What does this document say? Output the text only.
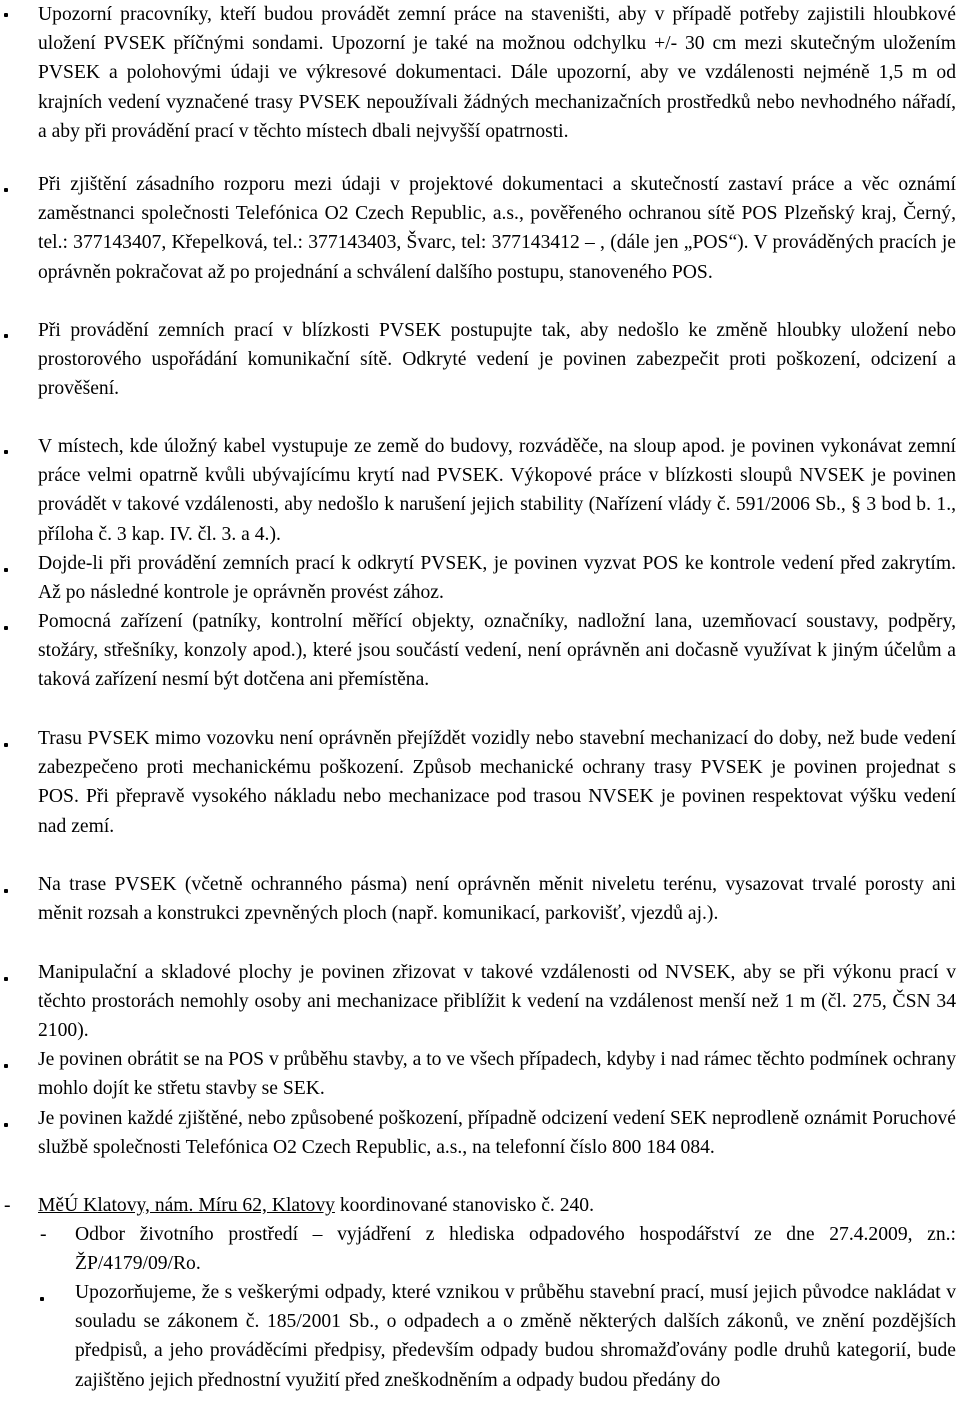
Upozorní pracovníky, kteří budou provádět zemní práce na staveništi, aby v případě potřeby zajistili hloubkové uložení PVSEK příčnými sondami. Upozorní je také na možnou odchylku +/- 30 cm mezi skutečným uložením PVSEK a polohovými údaji ve výkresové dokumentaci. Dále upozorní, aby ve vzdálenosti nejméně 1,5 m od krajních vedení vyznačené trasy PVSEK nepoužívali žádných mechanizačních prostředků nebo nevhodného nářadí, a aby při provádění prací v těchto místech dbali nejvyšší opatrnosti.
Při zjištění zásadního rozporu mezi údaji v projektové dokumentaci a skutečností zastaví práce a věc oznámí zaměstnanci společnosti Telefónica O2 Czech Republic, a.s., pověřeného ochranou sítě POS Plzeňský kraj, Černý, tel.: 377143407, Křepelková, tel.: 377143403, Švarc, tel: 377143412 – , (dále jen „POS“). V prováděných pracích je oprávněn pokračovat až po projednání a schválení dalšího postupu, stanoveného POS.
Při provádění zemních prací v blízkosti PVSEK postupujte tak, aby nedošlo ke změně hloubky uložení nebo prostorového uspořádání komunikační sítě. Odkryté vedení je povinen zabezpečit proti poškození, odcizení a prověšení.
V místech, kde úložný kabel vystupuje ze země do budovy, rozváděče, na sloup apod. je povinen vykonávat zemní práce velmi opatrně kvůli ubývajícímu krytí nad PVSEK. Výkopové práce v blízkosti sloupů NVSEK je povinen provádět v takové vzdálenosti, aby nedošlo k narušení jejich stability (Nařízení vlády č. 591/2006 Sb., § 3 bod b. 1., příloha č. 3 kap. IV. čl. 3. a 4.).
Dojde-li při provádění zemních prací k odkrytí PVSEK, je povinen vyzvat POS ke kontrole vedení před zakrytím. Až po následné kontrole je oprávněn provést zához.
Pomocná zařízení (patníky, kontrolní měřící objekty, označníky, nadložní lana, uzemňovací soustavy, podpěry, stožáry, střešníky, konzoly apod.), které jsou součástí vedení, není oprávněn ani dočasně využívat k jiným účelům a taková zařízení nesmí být dotčena ani přemístěna.
Trasu PVSEK mimo vozovku není oprávněn přejíždět vozidly nebo stavební mechanizací do doby, než bude vedení zabezpečeno proti mechanickému poškození. Způsob mechanické ochrany trasy PVSEK je povinen projednat s POS. Při přepravě vysokého nákladu nebo mechanizace pod trasou NVSEK je povinen respektovat výšku vedení nad zemí.
Na trase PVSEK (včetně ochranného pásma) není oprávněn měnit niveletu terénu, vysazovat trvalé porosty ani měnit rozsah a konstrukci zpevněných ploch (např. komunikací, parkovišť, vjezdů aj.).
Manipulační a skladové plochy je povinen zřizovat v takové vzdálenosti od NVSEK, aby se při výkonu prací v těchto prostorách nemohly osoby ani mechanizace přiblížit k vedení na vzdálenost menší než 1 m (čl. 275, ČSN 34 2100).
Je povinen obrátit se na POS v průběhu stavby, a to ve všech případech, kdyby i nad rámec těchto podmínek ochrany mohlo dojít ke střetu stavby se SEK.
Je povinen každé zjištěné, nebo způsobené poškození, případně odcizení vedení SEK neprodleně oznámit Poruchové službě společnosti Telefónica O2 Czech Republic, a.s., na telefonní číslo 800 184 084.
- MěÚ Klatovy, nám. Míru 62, Klatovy koordinované stanovisko č. 240.
- Odbor životního prostředí – vyjádření z hlediska odpadového hospodářství ze dne 27.4.2009, zn.: ŽP/4179/09/Ro.
Upozorňujeme, že s veškerými odpady, které vznikou v průběhu stavební prací, musí jejich původce nakládat v souladu se zákonem č. 185/2001 Sb., o odpadech a o změně některých dalších zákonů, ve znění pozdějších předpisů, a jeho prováděcími předpisy, především odpady budou shromažďovány podle druhů kategorií, bude zajištěno jejich přednostní využití před zneškodněním a odpady budou předány do
